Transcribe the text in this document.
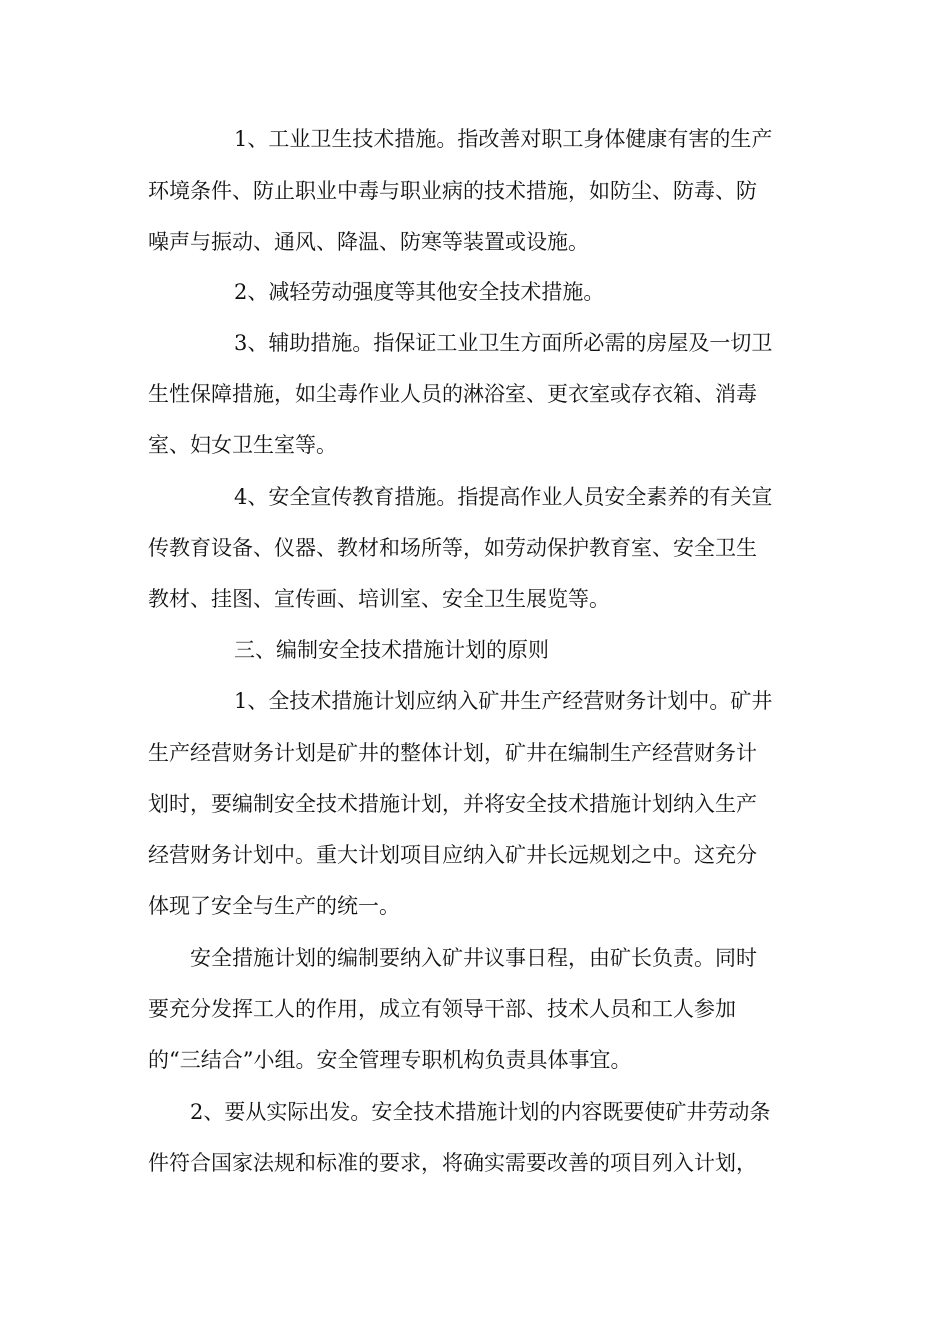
1、工业卫生技术措施。指改善对职工身体健康有害的生产
环境条件、防止职业中毒与职业病的技术措施，如防尘、防毒、防
噪声与振动、通风、降温、防寒等装置或设施。
2、减轻劳动强度等其他安全技术措施。
3、辅助措施。指保证工业卫生方面所必需的房屋及一切卫
生性保障措施，如尘毒作业人员的淋浴室、更衣室或存衣箱、消毒
室、妇女卫生室等。
4、安全宣传教育措施。指提高作业人员安全素养的有关宣
传教育设备、仪器、教材和场所等，如劳动保护教育室、安全卫生
教材、挂图、宣传画、培训室、安全卫生展览等。
三、编制安全技术措施计划的原则
1、全技术措施计划应纳入矿井生产经营财务计划中。矿井
生产经营财务计划是矿井的整体计划，矿井在编制生产经营财务计
划时，要编制安全技术措施计划，并将安全技术措施计划纳入生产
经营财务计划中。重大计划项目应纳入矿井长远规划之中。这充分
体现了安全与生产的统一。
安全措施计划的编制要纳入矿井议事日程，由矿长负责。同时
要充分发挥工人的作用，成立有领导干部、技术人员和工人参加
的“三结合”小组。安全管理专职机构负责具体事宜。
2、要从实际出发。安全技术措施计划的内容既要使矿井劳动条
件符合国家法规和标准的要求，将确实需要改善的项目列入计划，
